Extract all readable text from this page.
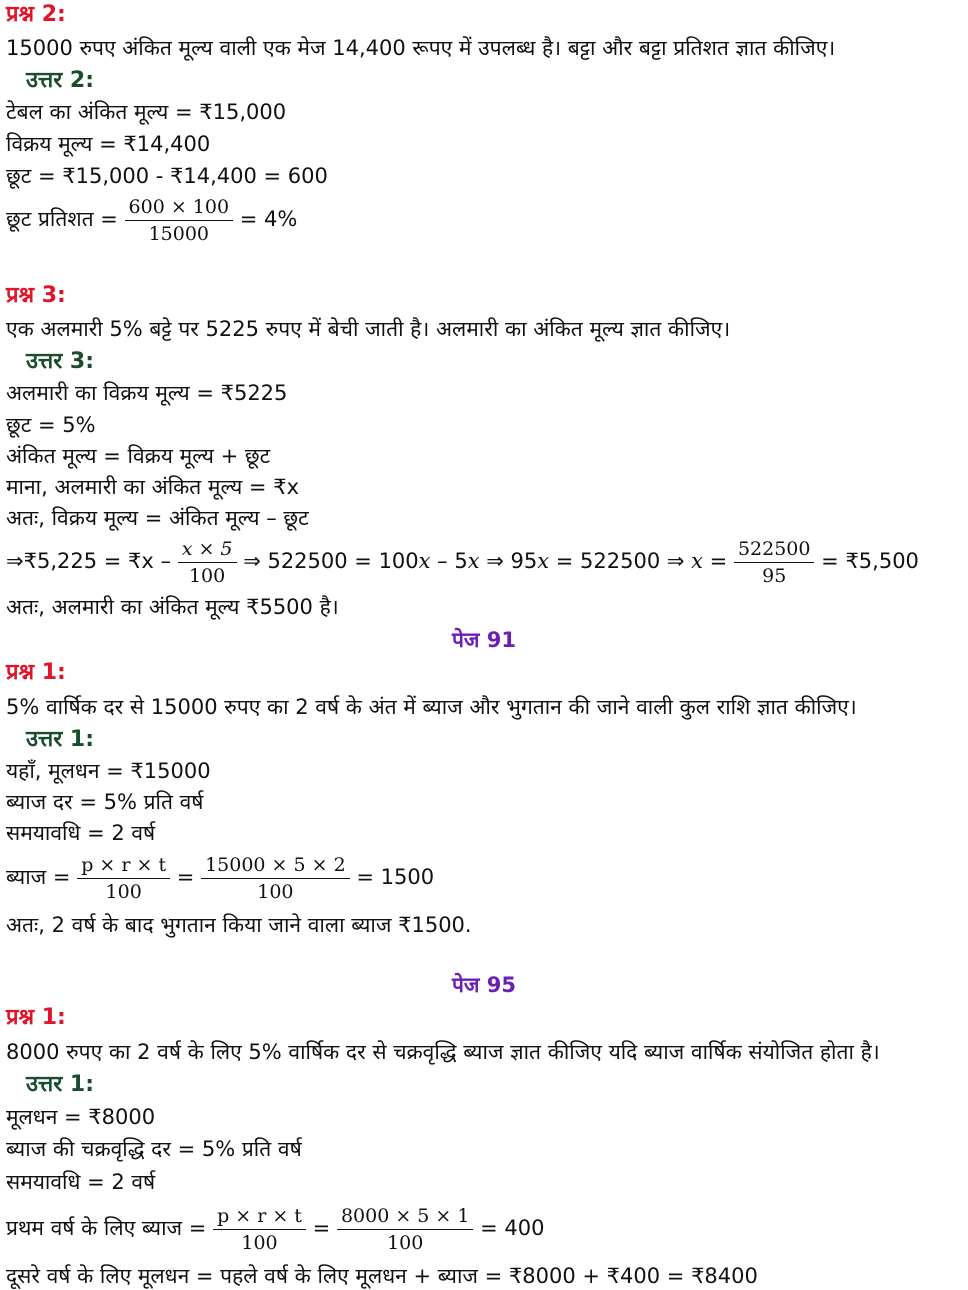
प्रश्न 2:
15000 रुपए अंकित मूल्य वाली एक मेज 14,400 रूपए में उपलब्ध है। बट्टा और बट्टा प्रतिशत ज्ञात कीजिए।
उत्तर 2:
टेबल का अंकित मूल्य = ₹15,000
विक्रय मूल्य = ₹14,400
छूट = ₹15,000 - ₹14,400 = 600
छूट प्रतिशत = $\frac{600 \times 100}{15000} = 4\%$
प्रश्न 3:
एक अलमारी 5% बट्टे पर 5225 रुपए में बेची जाती है। अलमारी का अंकित मूल्य ज्ञात कीजिए।
उत्तर 3:
अलमारी का विक्रय मूल्य = ₹5225
छूट = 5%
अंकित मूल्य = विक्रय मूल्य + छूट
माना, अलमारी का अंकित मूल्य = ₹x
अतः, विक्रय मूल्य = अंकित मूल्य – छूट
⇒₹5,225 = ₹x – $\frac{x \times 5}{100}$ ⇒ 522500 = 100x – 5x ⇒ 95x = 522500 ⇒ $x = \frac{522500}{95}$ = ₹5,500
अतः, अलमारी का अंकित मूल्य ₹5500 है।
पेज 91
प्रश्न 1:
5% वार्षिक दर से 15000 रुपए का 2 वर्ष के अंत में ब्याज और भुगतान की जाने वाली कुल राशि ज्ञात कीजिए।
उत्तर 1:
यहाँ, मूलधन = ₹15000
ब्याज दर = 5% प्रति वर्ष
समयावधि = 2 वर्ष
ब्याज = $\frac{p \times r \times t}{100} = \frac{15000 \times 5 \times 2}{100} = 1500$
अतः, 2 वर्ष के बाद भुगतान किया जाने वाला ब्याज ₹1500.
पेज 95
प्रश्न 1:
8000 रुपए का 2 वर्ष के लिए 5% वार्षिक दर से चक्रवृद्धि ब्याज ज्ञात कीजिए यदि ब्याज वार्षिक संयोजित होता है।
उत्तर 1:
मूलधन = ₹8000
ब्याज की चक्रवृद्धि दर = 5% प्रति वर्ष
समयावधि = 2 वर्ष
प्रथम वर्ष के लिए ब्याज = $\frac{p \times r \times t}{100} = \frac{8000 \times 5 \times 1}{100} = 400$
दूसरे वर्ष के लिए मूलधन = पहले वर्ष के लिए मूलधन + ब्याज = ₹8000 + ₹400 = ₹8400
